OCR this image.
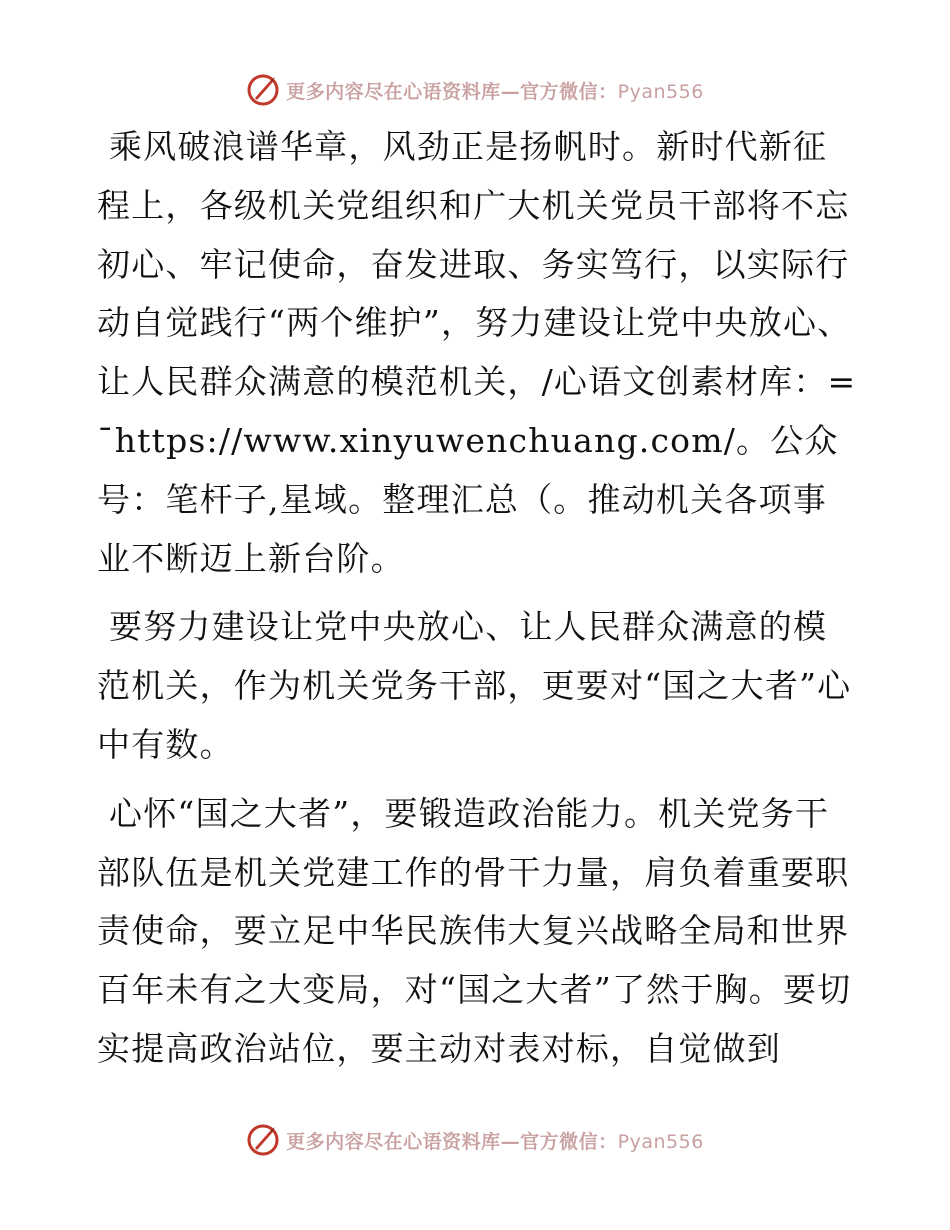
更多内容尽在心语资料库—官方微信：Pyan556

乘风破浪谱华章，风劲正是扬帆时。新时代新征程上，各级机关党组织和广大机关党员干部将不忘初心、牢记使命，奋发进取、务实笃行，以实际行动自觉践行“两个维护”，努力建设让党中央放心、让人民群众满意的模范机关，/心语文创素材库：=¯https://www.xinyuwenchuang.com/。公众号：笔杆子,星域。整理汇总（。推动机关各项事业不断迈上新台阶。

要努力建设让党中央放心、让人民群众满意的模范机关，作为机关党务干部，更要对“国之大者”心中有数。

心怀“国之大者”，要锻造政治能力。机关党务干部队伍是机关党建工作的骨干力量，肩负着重要职责使命，要立足中华民族伟大复兴战略全局和世界百年未有之大变局，对“国之大者”了然于胸。要切实提高政治站位，要主动对表对标，自觉做到

更多内容尽在心语资料库—官方微信：Pyan556
